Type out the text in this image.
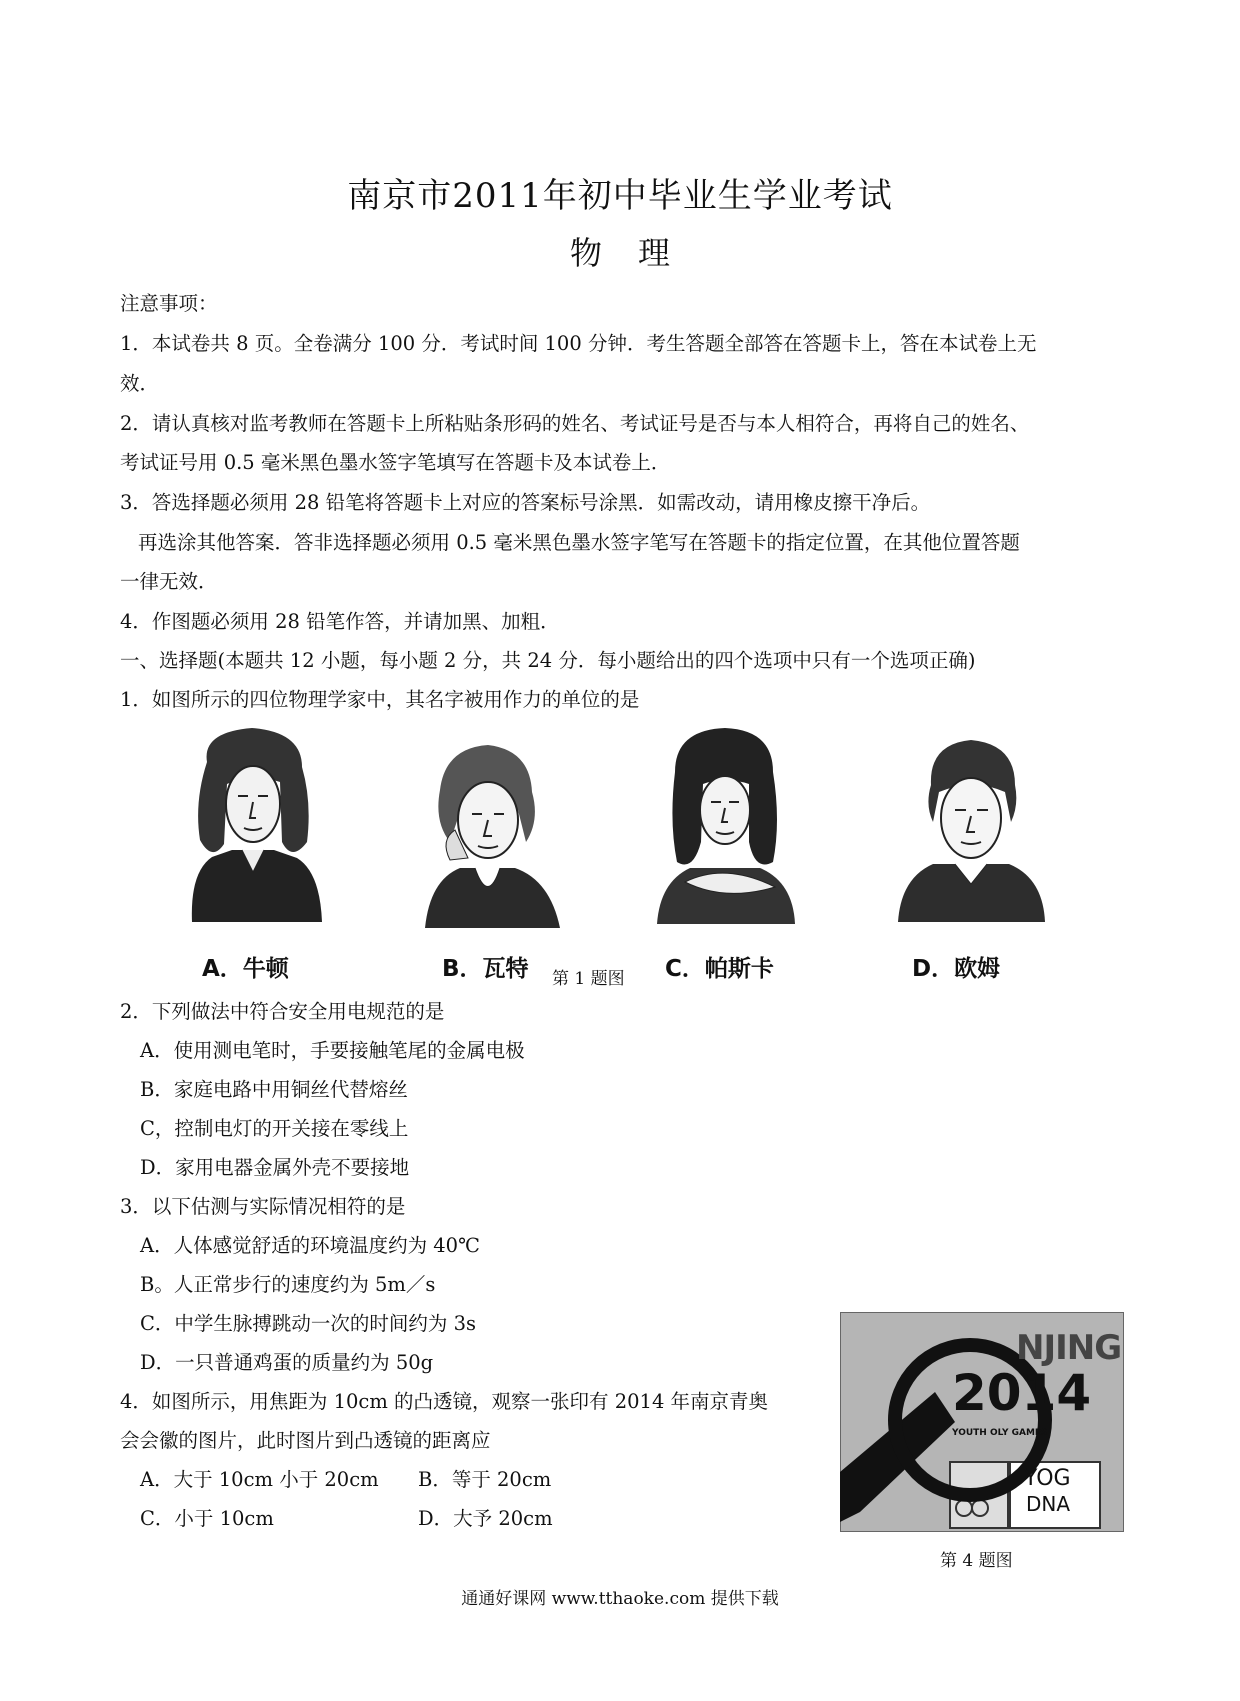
南京市2011年初中毕业生学业考试
物理
注意事项：
1．本试卷共 8 页。全卷满分 100 分．考试时间 100 分钟．考生答题全部答在答题卡上，答在本试卷上无
效．
2．请认真核对监考教师在答题卡上所粘贴条形码的姓名、考试证号是否与本人相符合，再将自己的姓名、
考试证号用 0.5 毫米黑色墨水签字笔填写在答题卡及本试卷上．
3．答选择题必须用 28 铅笔将答题卡上对应的答案标号涂黑．如需改动，请用橡皮擦干净后。
再选涂其他答案．答非选择题必须用 0.5 毫米黑色墨水签字笔写在答题卡的指定位置，在其他位置答题
一律无效．
4．作图题必须用 28 铅笔作答，并请加黑、加粗．
一、选择题(本题共 12 小题，每小题 2 分，共 24 分．每小题给出的四个选项中只有一个选项正确)
1．如图所示的四位物理学家中，其名字被用作力的单位的是
A．牛顿	B．瓦特 第 1 题图 C．帕斯卡	D．欧姆
2．下列做法中符合安全用电规范的是
A．使用测电笔时，手要接触笔尾的金属电极
B．家庭电路中用铜丝代替熔丝
C，控制电灯的开关接在零线上
D．家用电器金属外壳不要接地
3．以下估测与实际情况相符的是
A．人体感觉舒适的环境温度约为 40℃
B。人正常步行的速度约为 5m／s
C．中学生脉搏跳动一次的时间约为 3s
D．一只普通鸡蛋的质量约为 50g
4．如图所示，用焦距为 10cm 的凸透镜，观察一张印有 2014 年南京青奥
会会徽的图片，此时图片到凸透镜的距离应
A．大于 10cm 小于 20cm B．等于 20cm
C．小于 10cm	D．大予 20cm
NJING
2014
YOUTH OLY GAMES
YOG
DNA
第 4 题图
通通好课网 www.tthaoke.com 提供下载
